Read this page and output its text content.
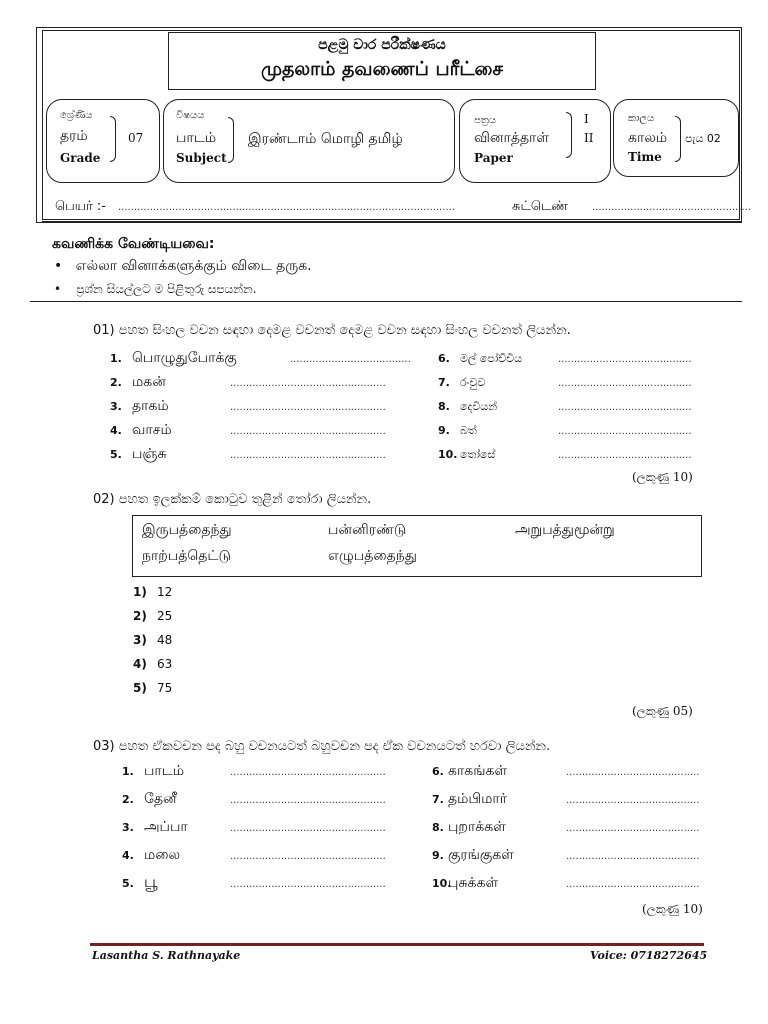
පළමු වාර පරීක්ෂණය
முதலாம் தவணைப் பரீட்சை
ශ්‍රේණිය
தரம்
Grade
07
විෂයය
பாடம்
Subject
இரண்டாம் மொழி தமிழ்
පත්‍රය
வினாத்தாள்
Paper
I
II
කාලය
காலம்
Time
පැය 02
பெயர் :- ..........................................................................................................	சுட்டெண் ..................................................
கவணிக்க வேண்டியவை:
•   எல்லா வினாக்களுக்கும் விடை தருக.
•    ප්‍රශ්න සියල්ලට ම පිළිතුරු සපයන්න.
01) පහත සිංහල වචන සඳහා දෙමළ වචනත් දෙමළ වචන සඳහා සිංහල වචනත් ලියන්න.
1. பொழுதுபோக்கு	......................................
2. மகன்	.................................................
3. தாகம்	.................................................
4. வாசம்	.................................................
5. பஞ்சு	.................................................
6. මල් පෝච්චිය	..........................................
7. රංචුව	..........................................
8. දෙවියන්	..........................................
9. බත්	..........................................
10. තෝසේ	..........................................
(ලකුණු 10)
02) පහත ඉලක්කම් කොටුව තුළින් තෝරා ලියන්න.
இருபத்தைந்து	பன்னிரண்டு	அறுபத்துமூன்று
நாற்பத்தெட்டு	எழுபத்தைந்து
1) 12
2) 25
3) 48
4) 63
5) 75
(ලකුණු 05)
03) පහත ඒකවචන පද බහු වචනයටත් බහුවචන පද ඒක වචනයටත් හරවා ලියන්න.
1. பாடம்	.................................................
2. தேனீ	.................................................
3. அப்பா	.................................................
4. மலை	.................................................
5. பூ	.................................................
6. காகங்கள்	..........................................
7. தம்பிமார்	..........................................
8. புறாக்கள்	..........................................
9. குரங்குகள்	..........................................
10.புசுக்கள்	..........................................
(ලකුණු 10)
Lasantha S. Rathnayake	Voice: 0718272645
